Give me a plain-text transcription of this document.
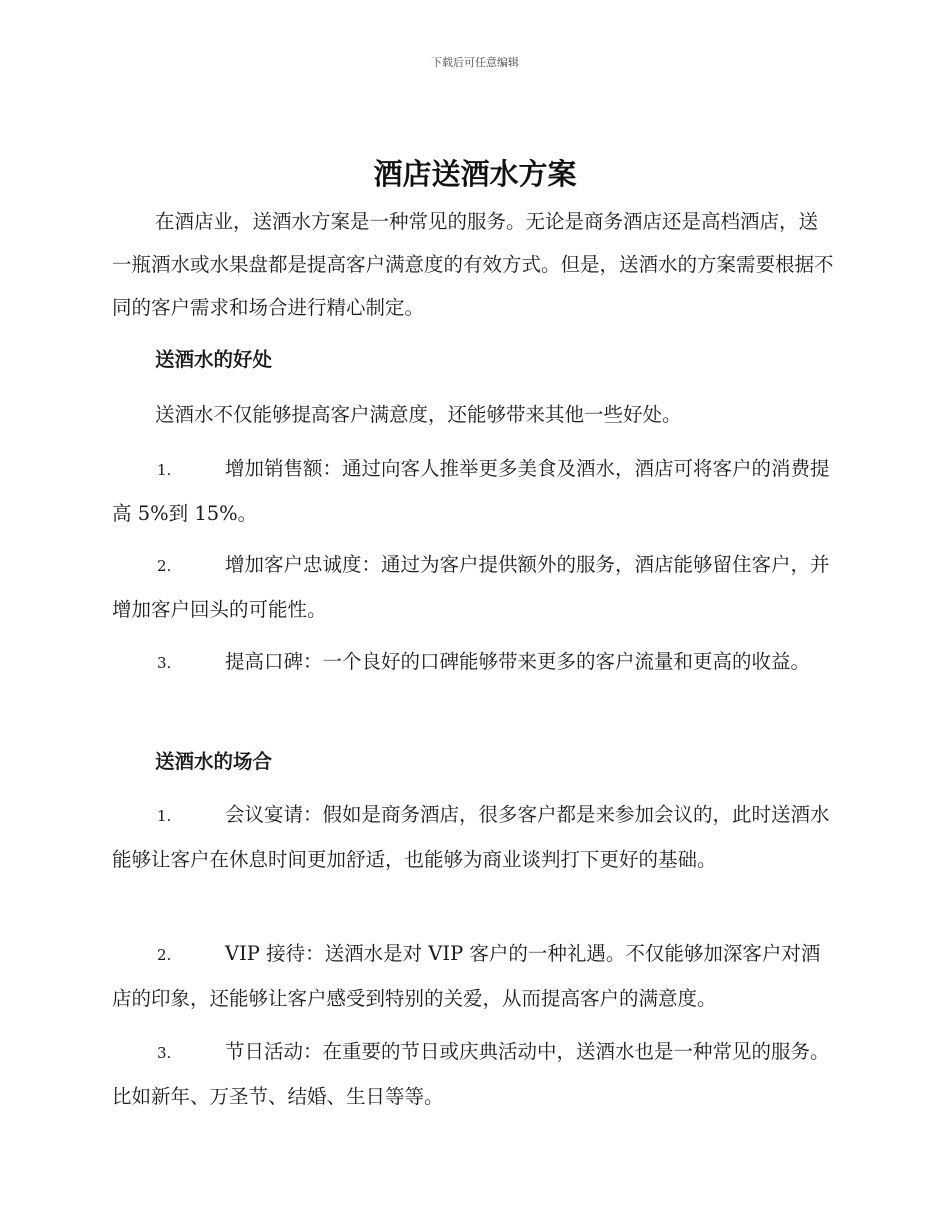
下载后可任意编辑
酒店送酒水方案
在酒店业，送酒水方案是一种常见的服务。无论是商务酒店还是高档酒店，送一瓶酒水或水果盘都是提高客户满意度的有效方式。但是，送酒水的方案需要根据不同的客户需求和场合进行精心制定。
送酒水的好处
送酒水不仅能够提高客户满意度，还能够带来其他一些好处。
1.	增加销售额：通过向客人推举更多美食及酒水，酒店可将客户的消费提高 5%到 15%。
2.	增加客户忠诚度：通过为客户提供额外的服务，酒店能够留住客户，并增加客户回头的可能性。
3.	提高口碑：一个良好的口碑能够带来更多的客户流量和更高的收益。
送酒水的场合
1.	会议宴请：假如是商务酒店，很多客户都是来参加会议的，此时送酒水能够让客户在休息时间更加舒适，也能够为商业谈判打下更好的基础。
2.	VIP 接待：送酒水是对 VIP 客户的一种礼遇。不仅能够加深客户对酒店的印象，还能够让客户感受到特别的关爱，从而提高客户的满意度。
3.	节日活动：在重要的节日或庆典活动中，送酒水也是一种常见的服务。比如新年、万圣节、结婚、生日等等。
